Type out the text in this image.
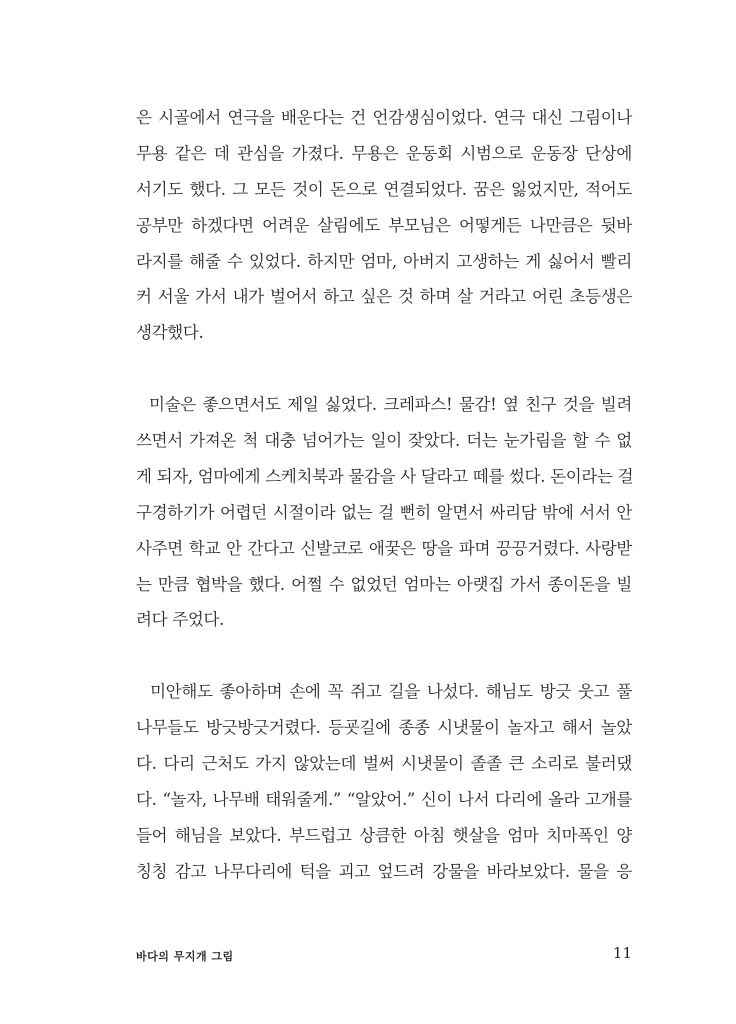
은 시골에서 연극을 배운다는 건 언감생심이었다. 연극 대신 그림이나
무용 같은 데 관심을 가졌다. 무용은 운동회 시범으로 운동장 단상에
서기도 했다. 그 모든 것이 돈으로 연결되었다. 꿈은 잃었지만, 적어도
공부만 하겠다면 어려운 살림에도 부모님은 어떻게든 나만큼은 뒷바
라지를 해줄 수 있었다. 하지만 엄마, 아버지 고생하는 게 싫어서 빨리
커 서울 가서 내가 벌어서 하고 싶은 것 하며 살 거라고 어린 초등생은
생각했다.
미술은 좋으면서도 제일 싫었다. 크레파스! 물감! 옆 친구 것을 빌려
쓰면서 가져온 척 대충 넘어가는 일이 잦았다. 더는 눈가림을 할 수 없
게 되자, 엄마에게 스케치북과 물감을 사 달라고 떼를 썼다. 돈이라는 걸
구경하기가 어렵던 시절이라 없는 걸 뻔히 알면서 싸리담 밖에 서서 안
사주면 학교 안 간다고 신발코로 애꿎은 땅을 파며 끙끙거렸다. 사랑받
는 만큼 협박을 했다. 어쩔 수 없었던 엄마는 아랫집 가서 종이돈을 빌
려다 주었다.
미안해도 좋아하며 손에 꼭 쥐고 길을 나섰다. 해님도 방긋 웃고 풀
나무들도 방긋방긋거렸다. 등굣길에 종종 시냇물이 놀자고 해서 놀았
다. 다리 근처도 가지 않았는데 벌써 시냇물이 졸졸 큰 소리로 불러댔
다. “놀자, 나무배 태워줄게.” “알았어.” 신이 나서 다리에 올라 고개를
들어 해님을 보았다. 부드럽고 상큼한 아침 햇살을 엄마 치마폭인 양
칭칭 감고 나무다리에 턱을 괴고 엎드려 강물을 바라보았다. 물을 응
바다의 무지개 그림	11
